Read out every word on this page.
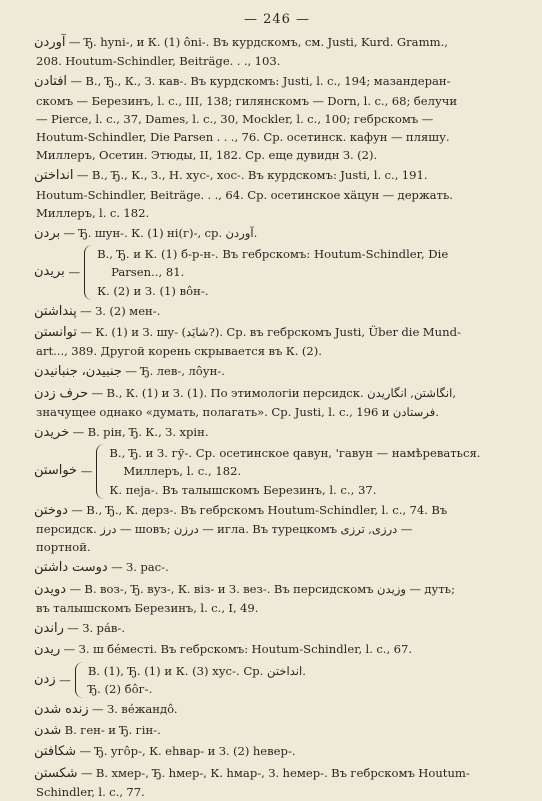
— 246 —
آوردن — Ђ. hуni-, и К. (1) ôni-. Въ курдскомъ, см. Justi, Kurd. Gramm.,
208. Houtum-Schindler, Beiträge. . ., 103.
افتادن — В., Ђ., К., З. кав-. Въ курдскомъ: Justi, l. c., 194; мазандеран-
скомъ — Березинъ, l. c., III, 138; гилянскомъ — Dorn, l. c., 68; белучи
— Pierce, l. c., 37, Dames, l. c., 30, Mockler, l. c., 100; гебрскомъ —
Houtum-Schindler, Die Parsen . . ., 76. Ср. осетинск. кафун — пляшу.
Миллеръ, Осетин. Этюды, II, 182. Ср. еще дувидн З. (2).
انداختن — В., Ђ., К., З., Н. хус-, хос-. Въ курдскомъ: Justi, l. c., 191.
Houtum-Schindler, Beiträge. . ., 64. Ср. осетинское хäцун — держать.
Миллеръ, l. c. 182.
بردن — Ђ. шун-. К. (1) ні(г)-, ср. آوردن.
بریدن —
В., Ђ. и К. (1) б-р-н-. Въ гебрскомъ: Houtum-Schindler, Die
Parsen.., 81.
К. (2) и З. (1) вôн-.
پنداشتن — З. (2) мен-.
توانستن — К. (1) и З. шу- (شایَد?). Ср. въ гебрскомъ Justi, Über die Mund-
art..., 389. Другой корень скрывается въ К. (2).
جنبیدن، جنبانیدن — Ђ. лев-, лôун-.
حرف زدن — В., К. (1) и З. (1). По этимологіи персидск. انگاشتن, انگاریدن,
значущее однако «думать, полагать». Ср. Justi, l. c., 196 и فرستادن.
خریدن — В. рін, Ђ. К., З. хрін.
خواستن —
В., Ђ. и З. гў-. Ср. осетинское qавун, 'гавун — намѣреваться.
Миллеръ, l. c., 182.
К. пеја-. Въ талышскомъ Березинъ, l. c., 37.
دوختن — В., Ђ., К. дерз-. Въ гебрскомъ Houtum-Schindler, l. c., 74. Въ
персидск. درز — шовъ; درزن — игла. Въ турецкомъ درزی, ترزی —
портной.
دوست داشتن — З. рас-.
دویدن — В. воз-, Ђ. вуз-, К. віз- и З. вез-. Въ персидскомъ وزیدن — дуть;
въ талышскомъ Березинъ, l. c., I, 49.
راندن — З. рáв-.
ریدن — З. ш бéместі. Въ гебрскомъ: Houtum-Schindler, l. c., 67.
زدن —
В. (1), Ђ. (1) и К. (3) хус-. Ср. انداختن.
Ђ. (2) бôг-.
زنده شدن — З. вéжандô.
شدن В. ген- и Ђ. гін-.
شکافتن — Ђ. угôр-, К. еhвар- и З. (2) hевер-.
شکستن — В. хмер-, Ђ. hмер-, К. hмар-, З. hемер-. Въ гебрскомъ Houtum-
Schindler, l. c., 77.
